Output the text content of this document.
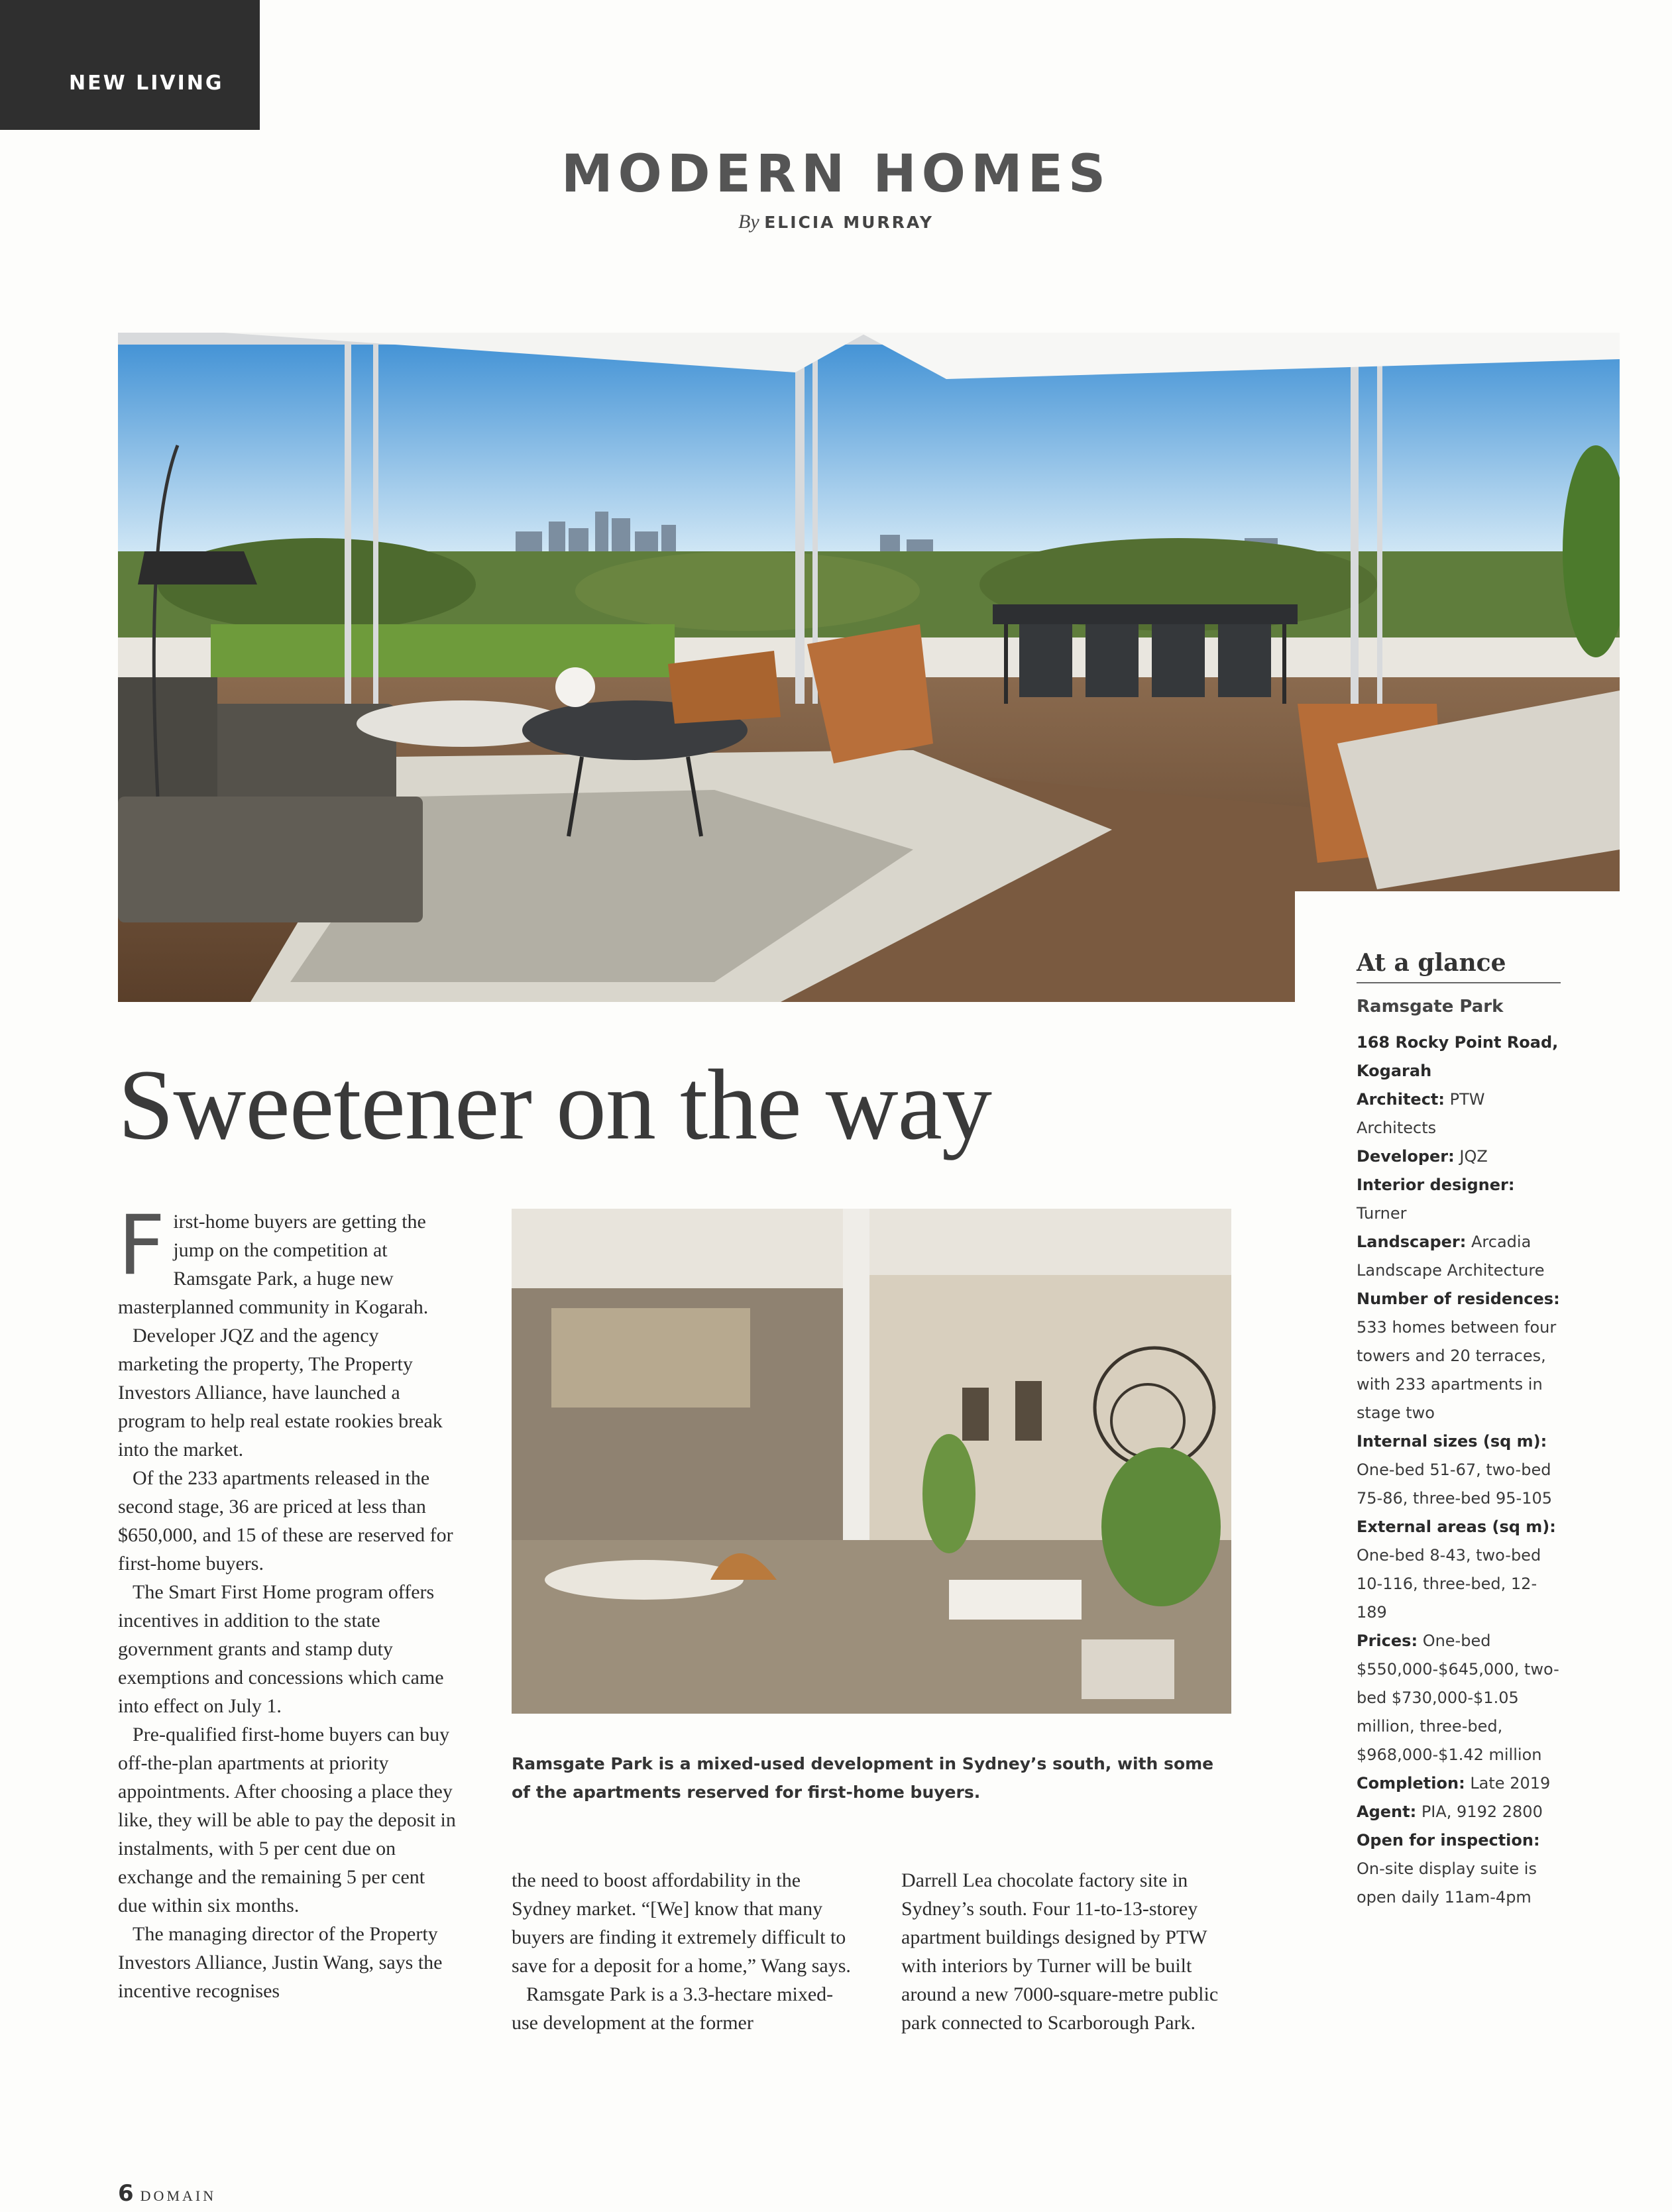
NEW LIVING
MODERN HOMES
By ELICIA MURRAY
Sweetener on the way

First-home buyers are getting the jump on the competition at Ramsgate Park, a huge new masterplanned community in Kogarah.

Developer JQZ and the agency marketing the property, The Property Investors Alliance, have launched a program to help real estate rookies break into the market.

Of the 233 apartments released in the second stage, 36 are priced at less than $650,000, and 15 of these are reserved for first-home buyers.

The Smart First Home program offers incentives in addition to the state government grants and stamp duty exemptions and concessions which came into effect on July 1.

Pre-qualified first-home buyers can buy off-the-plan apartments at priority appointments. After choosing a place they like, they will be able to pay the deposit in instalments, with 5 per cent due on exchange and the remaining 5 per cent due within six months.

The managing director of the Property Investors Alliance, Justin Wang, says the incentive recognises

Ramsgate Park is a mixed-used development in Sydney’s south, with some of the apartments reserved for first-home buyers.

the need to boost affordability in the Sydney market. “[We] know that many buyers are finding it extremely difficult to save for a deposit for a home,” Wang says.

Ramsgate Park is a 3.3-hectare mixed-use development at the former

Darrell Lea chocolate factory site in Sydney’s south. Four 11-to-13-storey apartment buildings designed by PTW with interiors by Turner will be built around a new 7000-square-metre public park connected to Scarborough Park.

At a glance
Ramsgate Park
168 Rocky Point Road, Kogarah
Architect: PTW Architects
Developer: JQZ
Interior designer: Turner
Landscaper: Arcadia Landscape Architecture
Number of residences: 533 homes between four towers and 20 terraces, with 233 apartments in stage two
Internal sizes (sq m): One-bed 51-67, two-bed 75-86, three-bed 95-105
External areas (sq m): One-bed 8-43, two-bed 10-116, three-bed, 12-189
Prices: One-bed $550,000-$645,000, two-bed $730,000-$1.05 million, three-bed, $968,000-$1.42 million
Completion: Late 2019
Agent: PIA, 9192 2800
Open for inspection: On-site display suite is open daily 11am-4pm
6 DOMAIN
